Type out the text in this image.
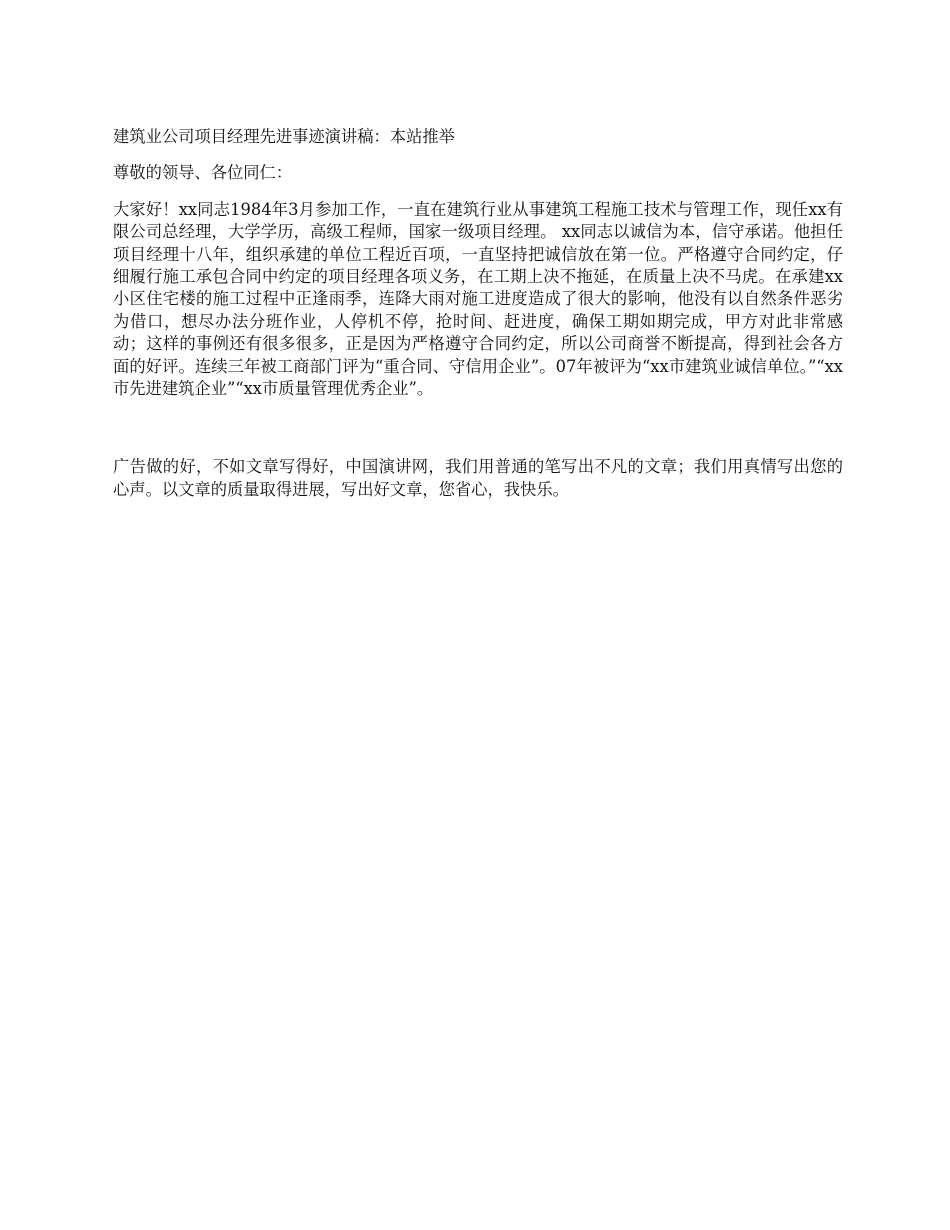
建筑业公司项目经理先进事迹演讲稿：本站推举

尊敬的领导、各位同仁：

大家好！xx同志1984年3月参加工作，一直在建筑行业从事建筑工程施工技术与管理工作，现任xx有限公司总经理，大学学历，高级工程师，国家一级项目经理。 xx同志以诚信为本，信守承诺。他担任项目经理十八年，组织承建的单位工程近百项，一直坚持把诚信放在第一位。严格遵守合同约定，仔细履行施工承包合同中约定的项目经理各项义务，在工期上决不拖延，在质量上决不马虎。在承建xx小区住宅楼的施工过程中正逢雨季，连降大雨对施工进度造成了很大的影响，他没有以自然条件恶劣为借口，想尽办法分班作业，人停机不停，抢时间、赶进度，确保工期如期完成，甲方对此非常感动；这样的事例还有很多很多，正是因为严格遵守合同约定，所以公司商誉不断提高，得到社会各方面的好评。连续三年被工商部门评为“重合同、守信用企业”。07年被评为“xx市建筑业诚信单位。”“xx市先进建筑企业”“xx市质量管理优秀企业”。

广告做的好，不如文章写得好，中国演讲网，我们用普通的笔写出不凡的文章；我们用真情写出您的心声。以文章的质量取得进展，写出好文章，您省心，我快乐。
